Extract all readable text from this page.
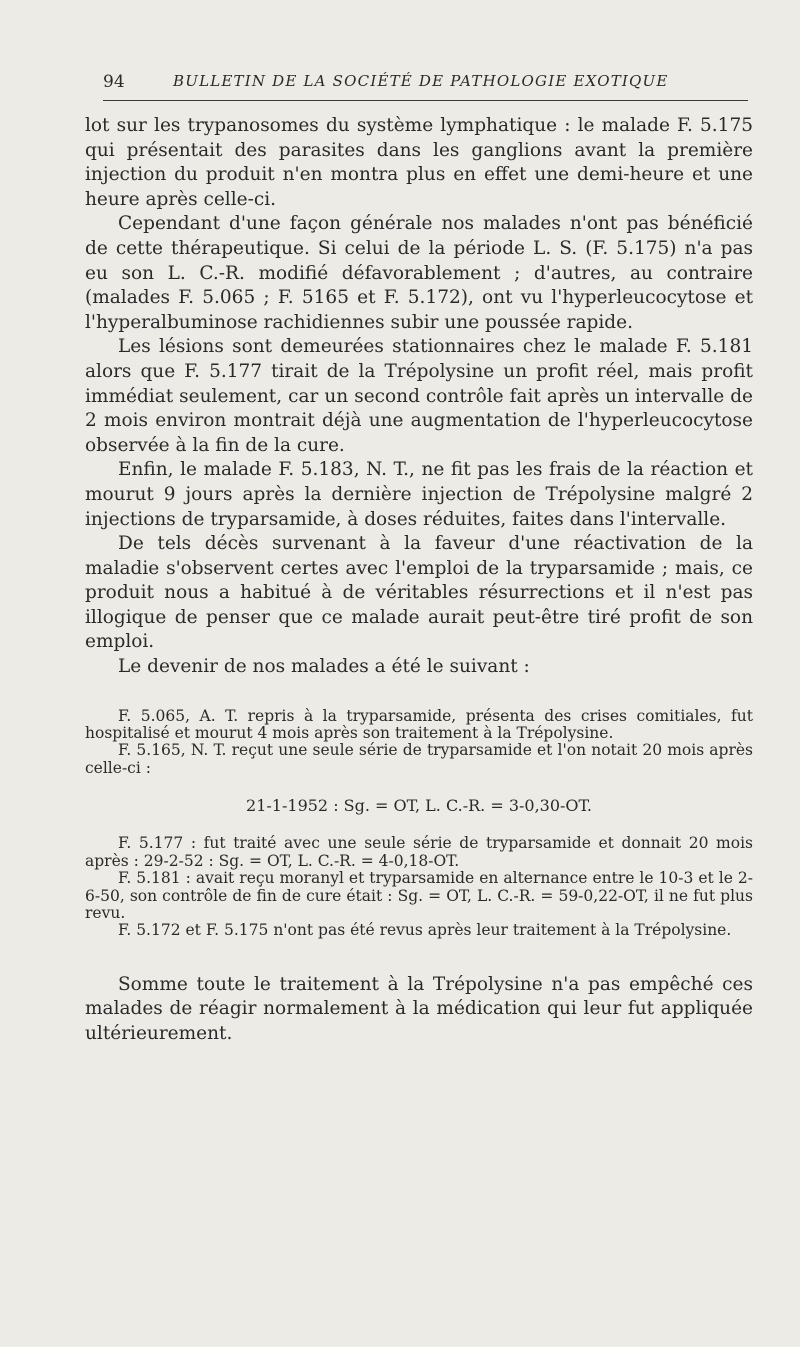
94	BULLETIN DE LA SOCIÉTÉ DE PATHOLOGIE EXOTIQUE

lot sur les trypanosomes du système lymphatique : le malade F. 5.175 qui présentait des parasites dans les ganglions avant la première injection du produit n'en montra plus en effet une demi-heure et une heure après celle-ci.

Cependant d'une façon générale nos malades n'ont pas bénéficié de cette thérapeutique. Si celui de la période L. S. (F. 5.175) n'a pas eu son L. C.-R. modifié défavorablement ; d'autres, au contraire (malades F. 5.065 ; F. 5165 et F. 5.172), ont vu l'hyperleucocytose et l'hyperalbuminose rachidiennes subir une poussée rapide.

Les lésions sont demeurées stationnaires chez le malade F. 5.181 alors que F. 5.177 tirait de la Trépolysine un profit réel, mais profit immédiat seulement, car un second contrôle fait après un intervalle de 2 mois environ montrait déjà une augmentation de l'hyperleucocytose observée à la fin de la cure.

Enfin, le malade F. 5.183, N. T., ne fit pas les frais de la réaction et mourut 9 jours après la dernière injection de Trépolysine malgré 2 injections de tryparsamide, à doses réduites, faites dans l'intervalle.

De tels décès survenant à la faveur d'une réactivation de la maladie s'observent certes avec l'emploi de la tryparsamide ; mais, ce produit nous a habitué à de véritables résurrections et il n'est pas illogique de penser que ce malade aurait peut-être tiré profit de son emploi.

Le devenir de nos malades a été le suivant :

F. 5.065, A. T. repris à la tryparsamide, présenta des crises comitiales, fut hospitalisé et mourut 4 mois après son traitement à la Trépolysine.

F. 5.165, N. T. reçut une seule série de tryparsamide et l'on notait 20 mois après celle-ci :

21-1-1952 : Sg. = OT, L. C.-R. = 3-0,30-OT.

F. 5.177 : fut traité avec une seule série de tryparsamide et donnait 20 mois après : 29-2-52 : Sg. = OT, L. C.-R. = 4-0,18-OT.

F. 5.181 : avait reçu moranyl et tryparsamide en alternance entre le 10-3 et le 2-6-50, son contrôle de fin de cure était : Sg. = OT, L. C.-R. = 59-0,22-OT, il ne fut plus revu.

F. 5.172 et F. 5.175 n'ont pas été revus après leur traitement à la Trépolysine.

Somme toute le traitement à la Trépolysine n'a pas empêché ces malades de réagir normalement à la médication qui leur fut appliquée ultérieurement.
